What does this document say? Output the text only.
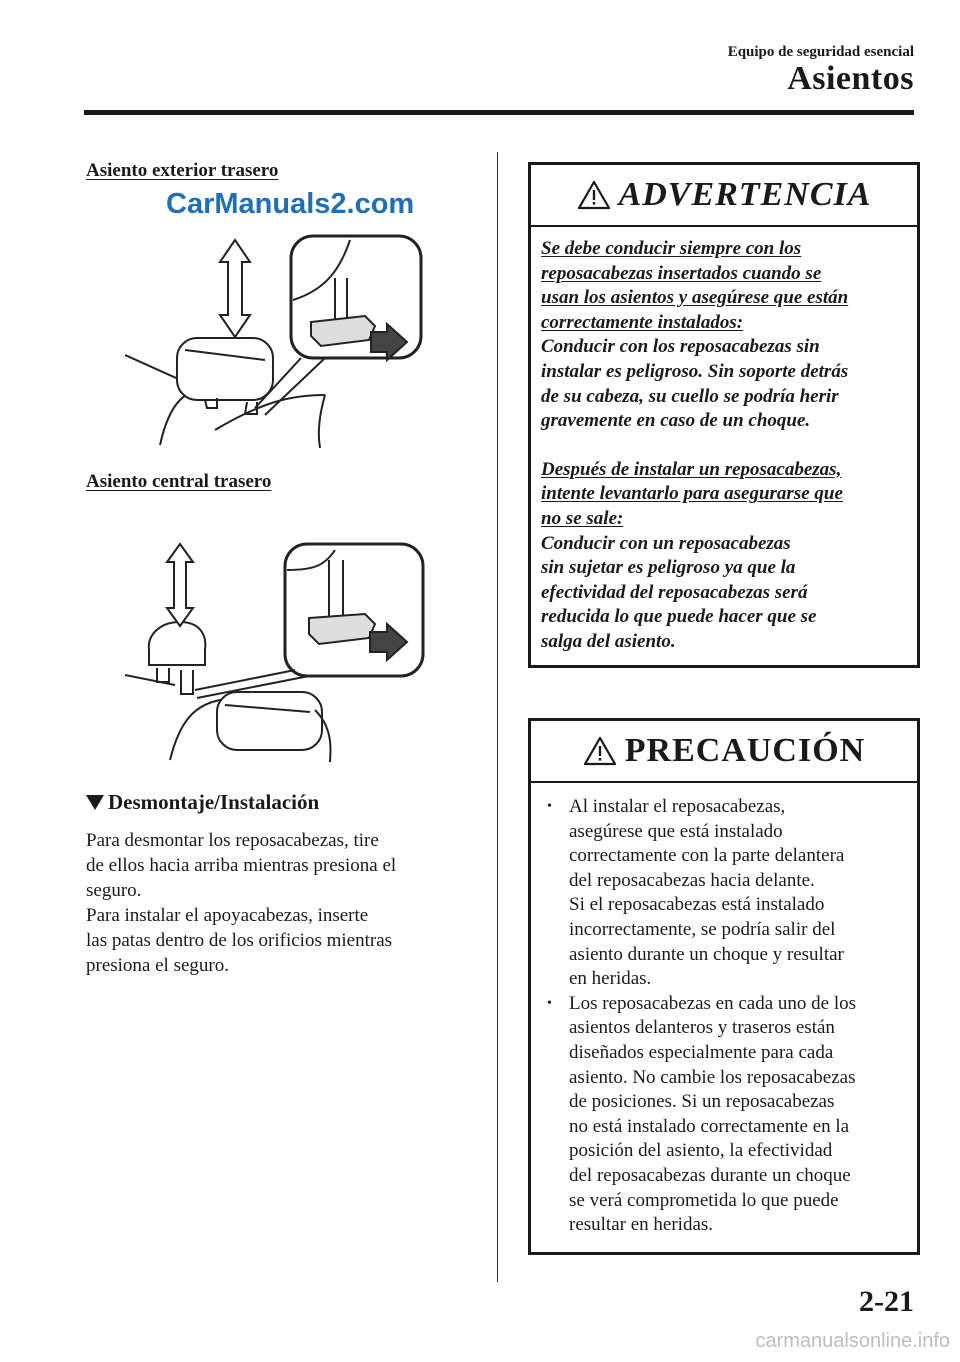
Equipo de seguridad esencial
Asientos
Asiento exterior trasero
CarManuals2.com
Asiento central trasero
Desmontaje/Instalación

Para desmontar los reposacabezas, tire

de ellos hacia arriba mientras presiona el

seguro.

Para instalar el apoyacabezas, inserte

las patas dentro de los orificios mientras

presiona el seguro.

ADVERTENCIA

Se debe conducir siempre con los

reposacabezas insertados cuando se

usan los asientos y asegúrese que están

correctamente instalados:

Conducir con los reposacabezas sin

instalar es peligroso. Sin soporte detrás

de su cabeza, su cuello se podría herir

gravemente en caso de un choque.

Después de instalar un reposacabezas,

intente levantarlo para asegurarse que

no se sale:

Conducir con un reposacabezas

sin sujetar es peligroso ya que la

efectividad del reposacabezas será

reducida lo que puede hacer que se

salga del asiento.

PRECAUCIÓN
• Al instalar el reposacabezas,
asegúrese que está instalado
correctamente con la parte delantera
del reposacabezas hacia delante.
Si el reposacabezas está instalado
incorrectamente, se podría salir del
asiento durante un choque y resultar
en heridas.
• Los reposacabezas en cada uno de los
asientos delanteros y traseros están
diseñados especialmente para cada
asiento. No cambie los reposacabezas
de posiciones. Si un reposacabezas
no está instalado correctamente en la
posición del asiento, la efectividad
del reposacabezas durante un choque
se verá comprometida lo que puede
resultar en heridas.
2-21
carmanualsonline.info
